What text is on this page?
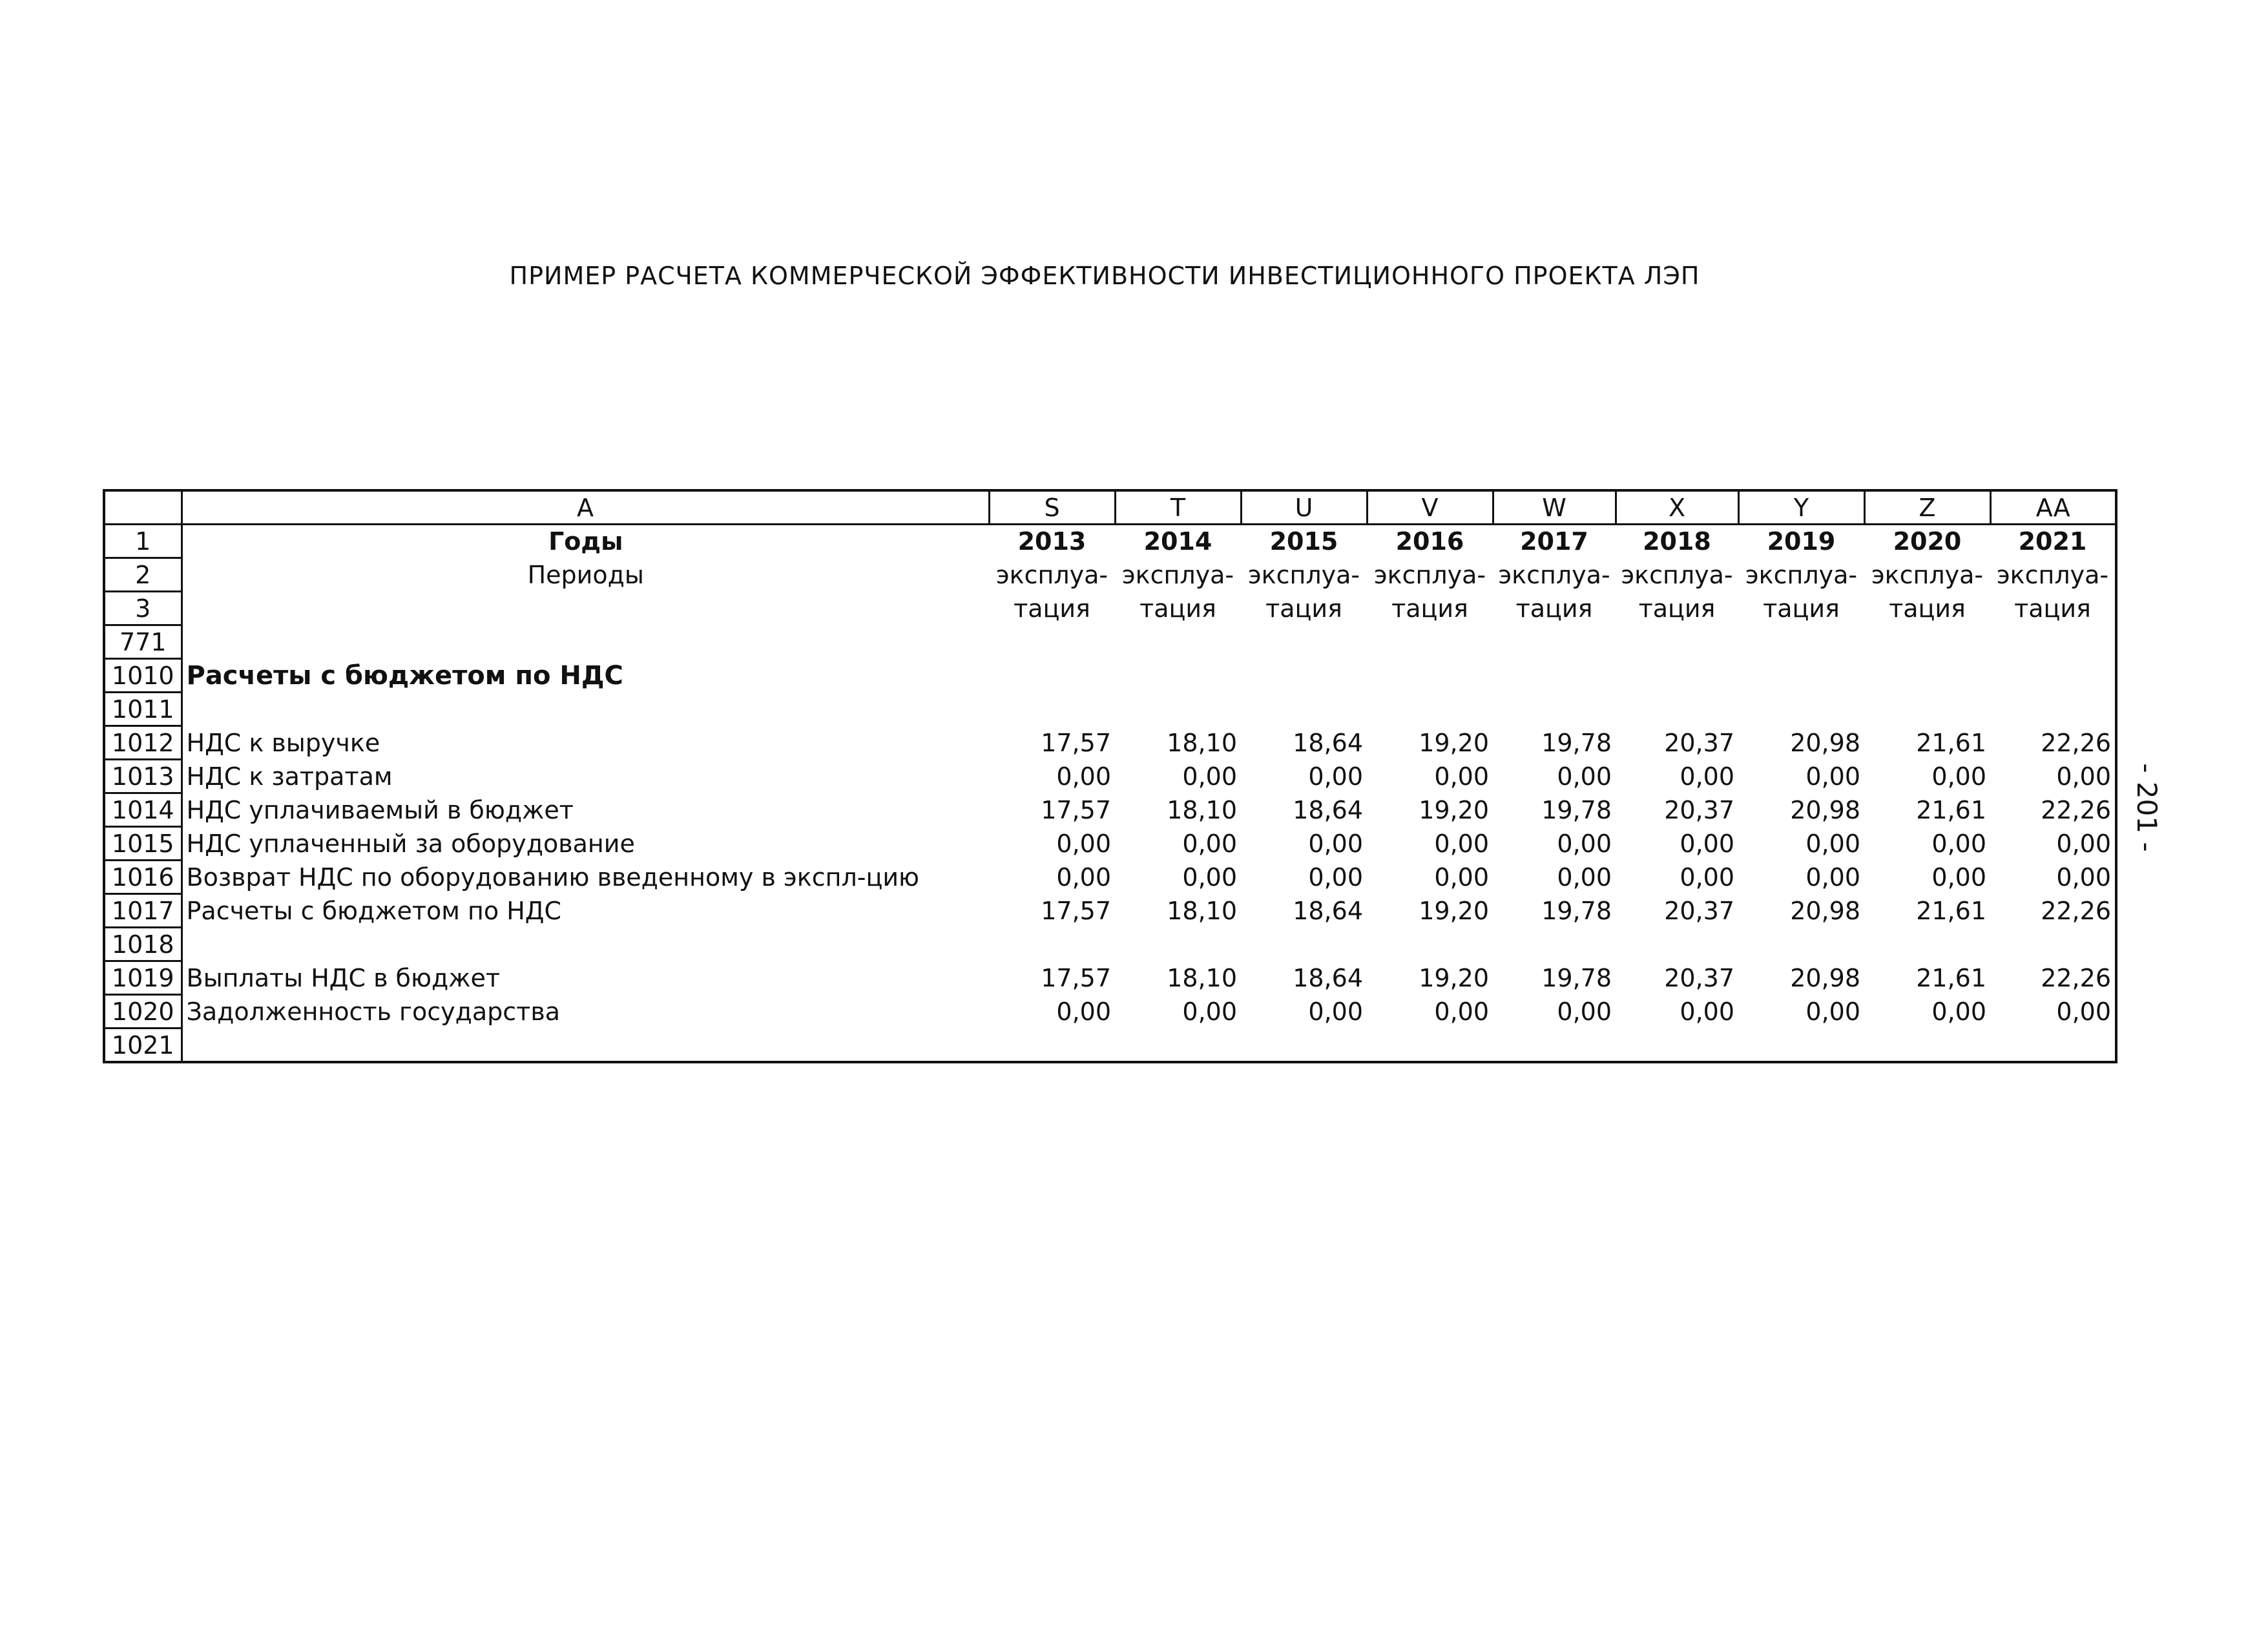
ПРИМЕР РАСЧЕТА КОММЕРЧЕСКОЙ ЭФФЕКТИВНОСТИ ИНВЕСТИЦИОННОГО ПРОЕКТА ЛЭП
- 201 -
	A	S	T	U	V	W	X	Y	Z	AA
1	Годы	2013	2014	2015	2016	2017	2018	2019	2020	2021
2	Периоды	эксплуа-	эксплуа-	эксплуа-	эксплуа-	эксплуа-	эксплуа-	эксплуа-	эксплуа-	эксплуа-
3		тация	тация	тация	тация	тация	тация	тация	тация	тация
771										
1010	Расчеты с бюджетом по НДС									
1011										
1012	НДС к выручке	17,57	18,10	18,64	19,20	19,78	20,37	20,98	21,61	22,26
1013	НДС к затратам	0,00	0,00	0,00	0,00	0,00	0,00	0,00	0,00	0,00
1014	НДС уплачиваемый в бюджет	17,57	18,10	18,64	19,20	19,78	20,37	20,98	21,61	22,26
1015	НДС уплаченный за оборудование	0,00	0,00	0,00	0,00	0,00	0,00	0,00	0,00	0,00
1016	Возврат НДС по оборудованию введенному в экспл-цию	0,00	0,00	0,00	0,00	0,00	0,00	0,00	0,00	0,00
1017	Расчеты с бюджетом по НДС	17,57	18,10	18,64	19,20	19,78	20,37	20,98	21,61	22,26
1018										
1019	Выплаты НДС в бюджет	17,57	18,10	18,64	19,20	19,78	20,37	20,98	21,61	22,26
1020	Задолженность государства	0,00	0,00	0,00	0,00	0,00	0,00	0,00	0,00	0,00
1021										
